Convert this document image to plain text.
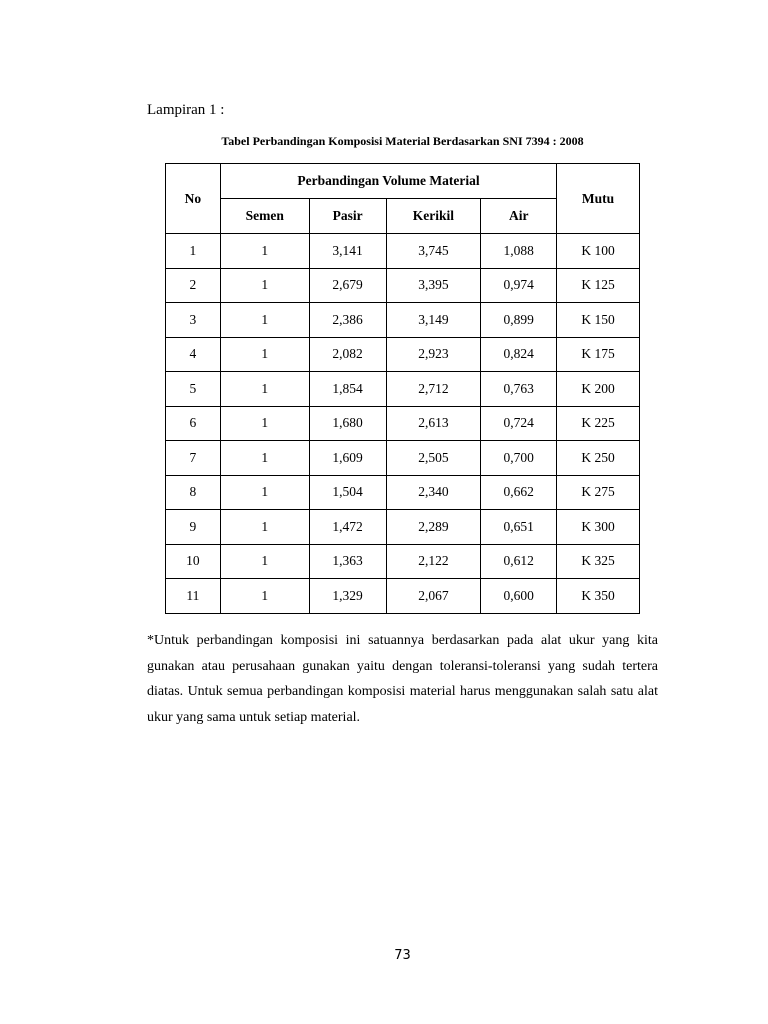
Lampiran 1 :
Tabel Perbandingan Komposisi Material Berdasarkan SNI 7394 : 2008
No	Perbandingan Volume Material				Mutu
	Semen	Pasir	Kerikil	Air	
1	1	3,141	3,745	1,088	K 100
2	1	2,679	3,395	0,974	K 125
3	1	2,386	3,149	0,899	K 150
4	1	2,082	2,923	0,824	K 175
5	1	1,854	2,712	0,763	K 200
6	1	1,680	2,613	0,724	K 225
7	1	1,609	2,505	0,700	K 250
8	1	1,504	2,340	0,662	K 275
9	1	1,472	2,289	0,651	K 300
10	1	1,363	2,122	0,612	K 325
11	1	1,329	2,067	0,600	K 350
*Untuk perbandingan komposisi ini satuannya berdasarkan pada alat ukur yang kita gunakan atau perusahaan gunakan yaitu dengan toleransi-toleransi yang sudah tertera diatas. Untuk semua perbandingan komposisi material harus menggunakan salah satu alat ukur yang sama untuk setiap material.
73
